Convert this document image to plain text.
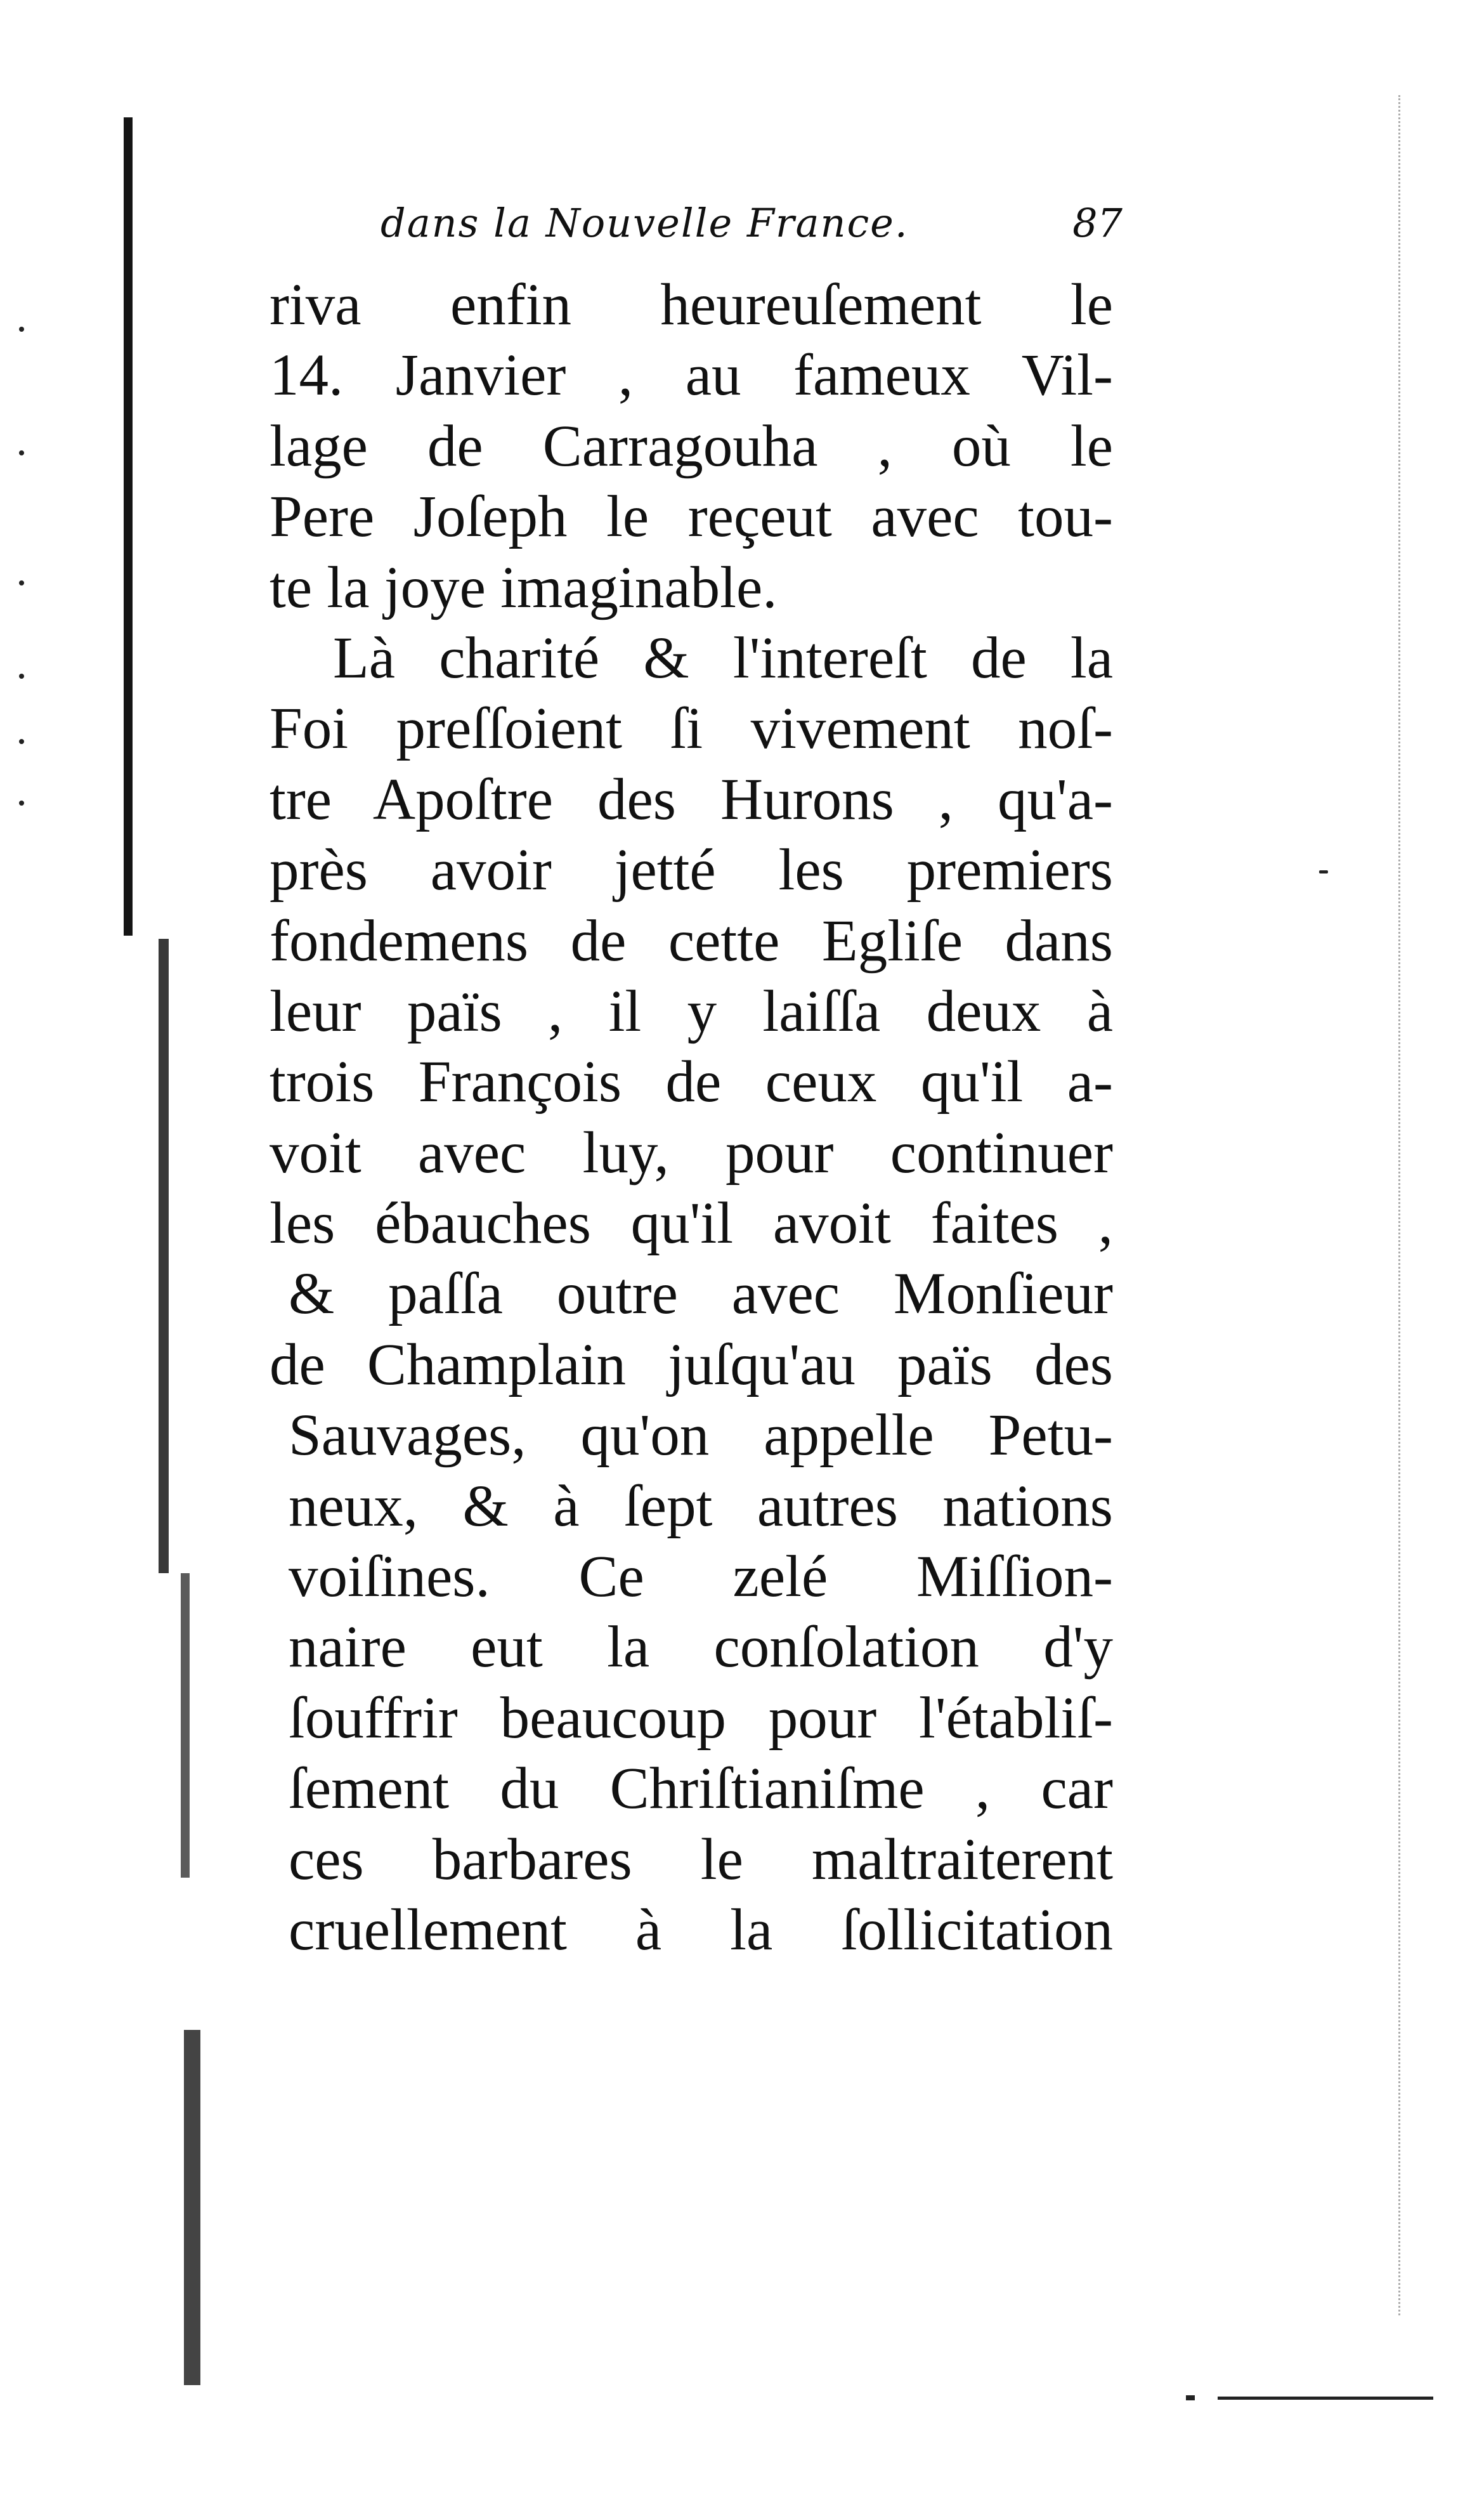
dans la Nouvelle France.	87
riva enfin heureuſement le
14. Janvier , au fameux Vil-
lage de Carragouha , où le
Pere Joſeph le reçeut avec tou-
te la joye imaginable.
Là charité & l'intereſt de la
Foi preſſoient ſi vivement noſ-
tre Apoſtre des Hurons , qu'a-
près avoir jetté les premiers
fondemens de cette Egliſe dans
leur païs , il y laiſſa deux à
trois François de ceux qu'il a-
voit avec luy, pour continuer
les ébauches qu'il avoit faites ,
& paſſa outre avec Monſieur
de Champlain juſqu'au païs des
Sauvages, qu'on appelle Petu-
neux, & à ſept autres nations
voiſines. Ce zelé Miſſion-
naire eut la conſolation d'y
ſouffrir beaucoup pour l'établiſ-
ſement du Chriſtianiſme , car
ces barbares le maltraiterent
cruellement à la ſollicitation
